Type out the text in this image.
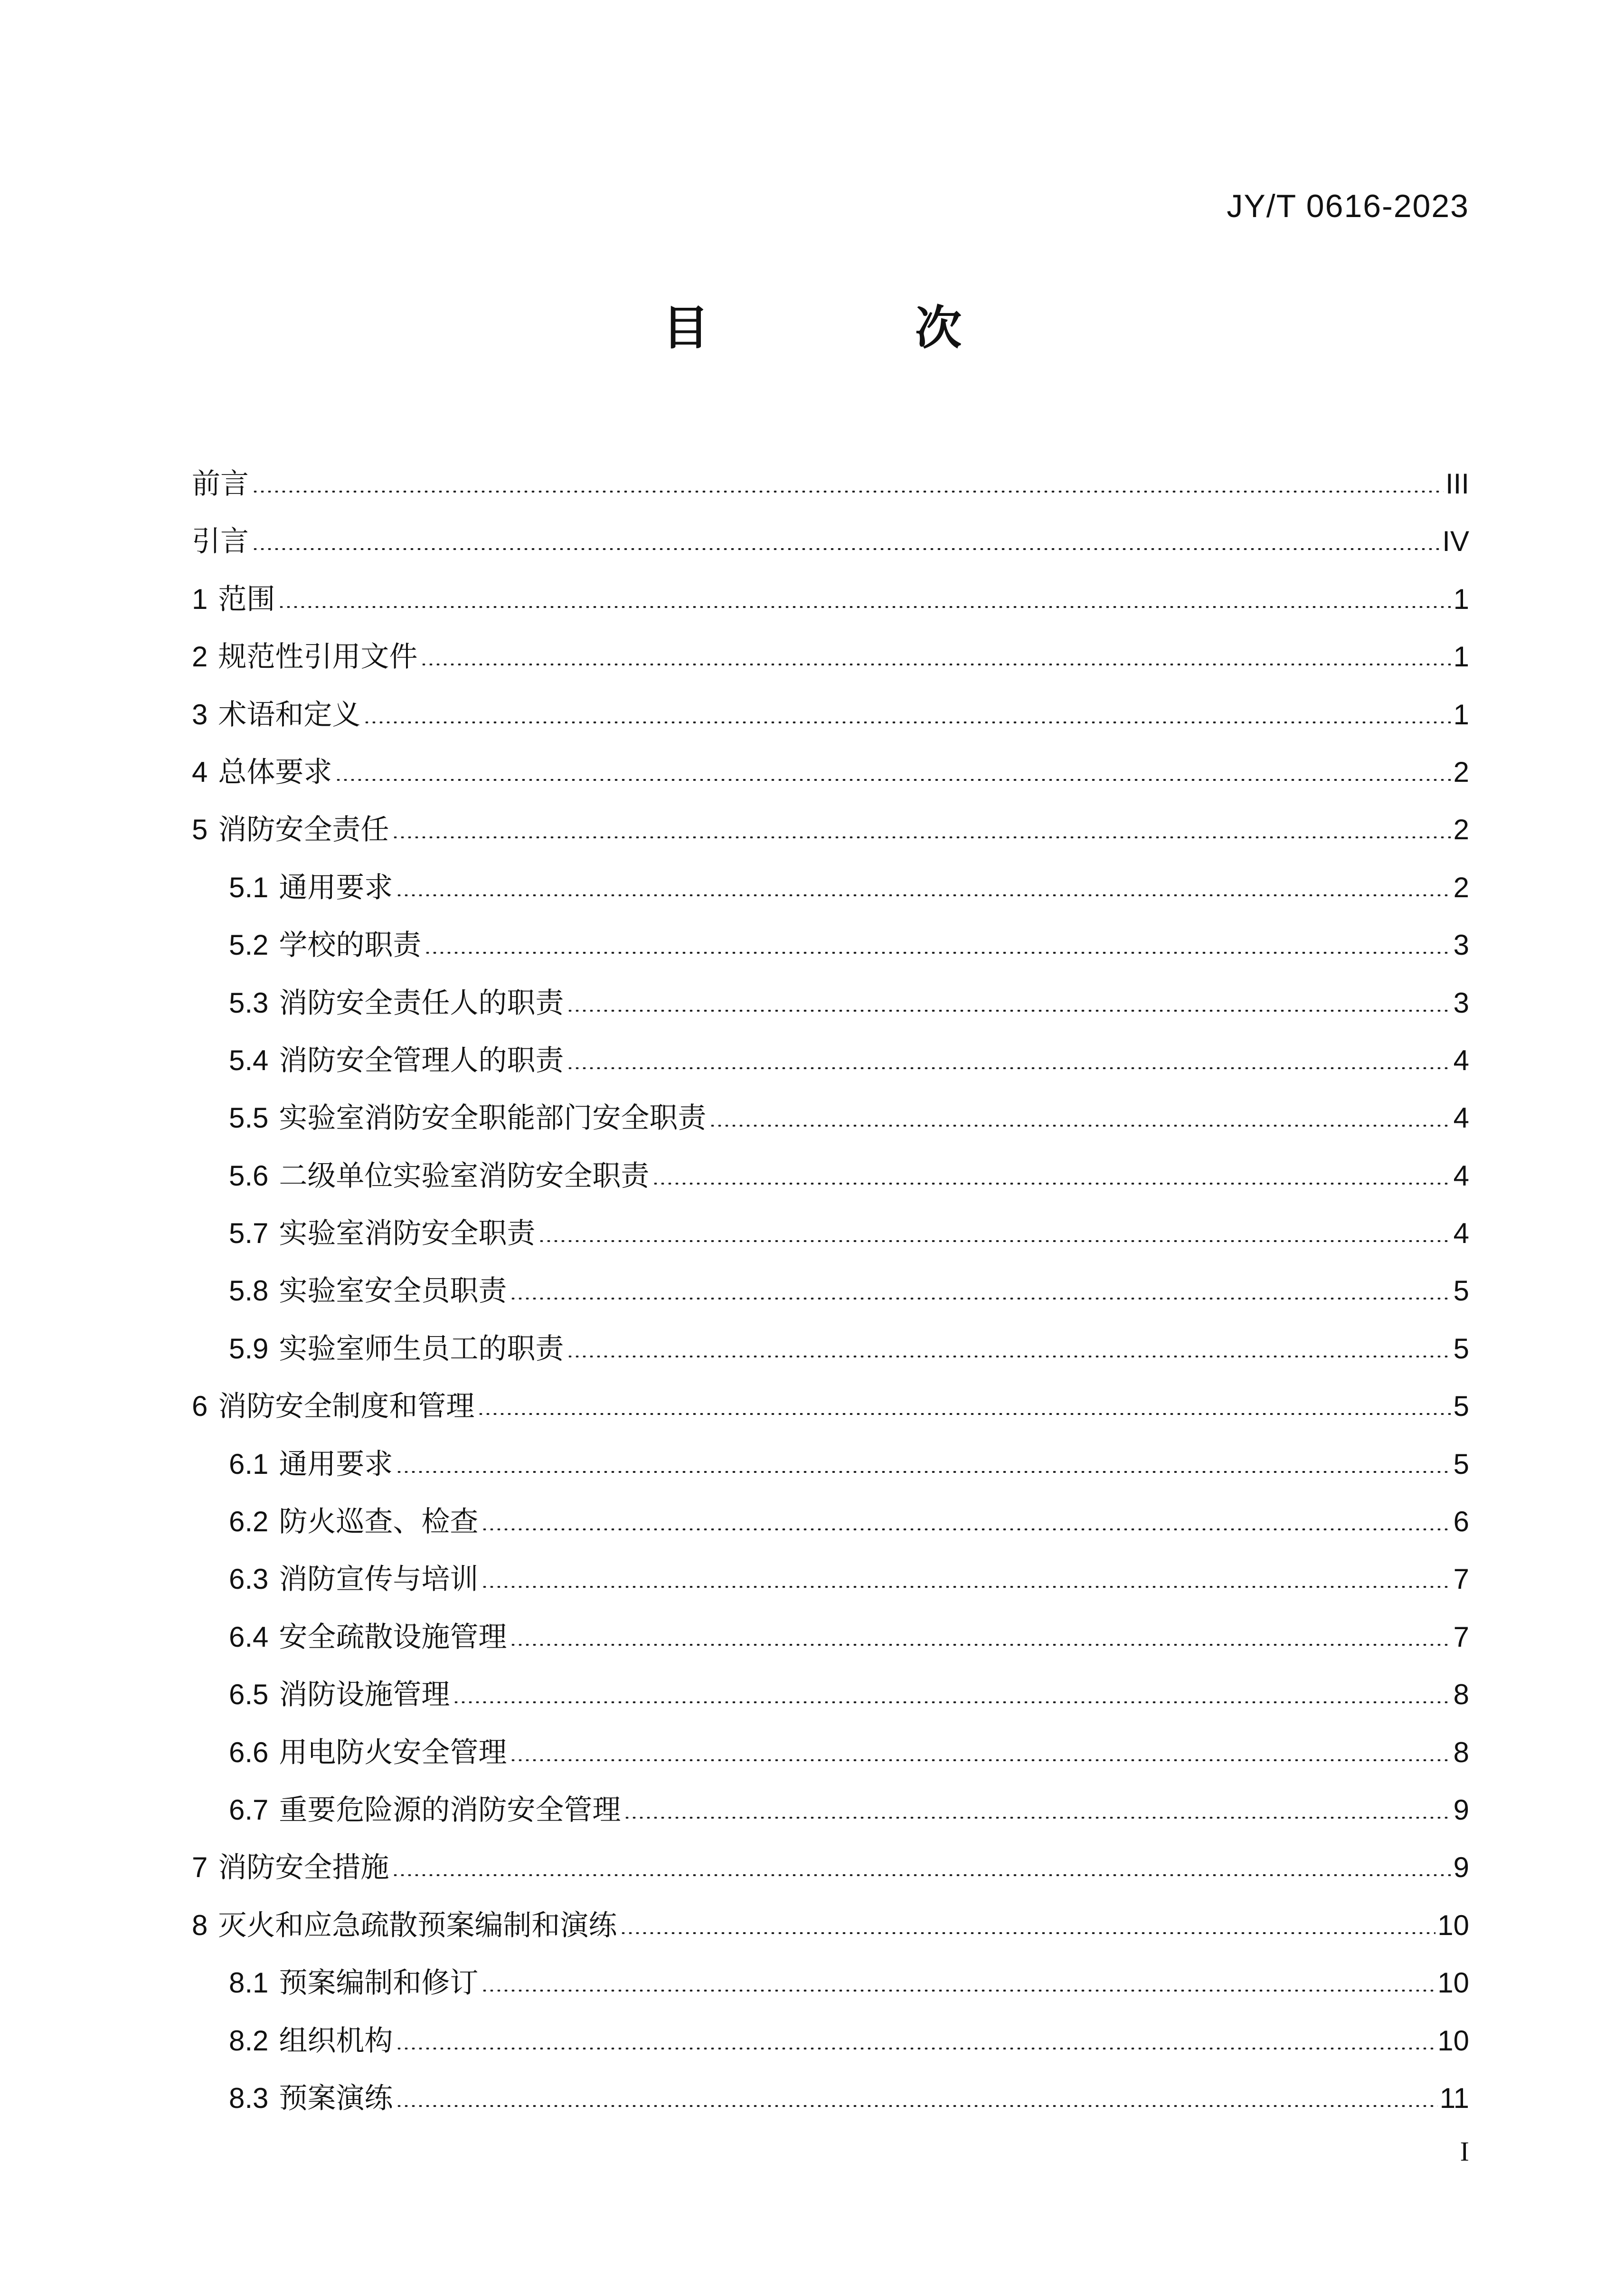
JY/T 0616-2023
目 次
前言	III
引言	IV
1 范围	1
2 规范性引用文件	1
3 术语和定义	1
4 总体要求	2
5 消防安全责任	2
5.1 通用要求	2
5.2 学校的职责	3
5.3 消防安全责任人的职责	3
5.4 消防安全管理人的职责	4
5.5 实验室消防安全职能部门安全职责	4
5.6 二级单位实验室消防安全职责	4
5.7 实验室消防安全职责	4
5.8 实验室安全员职责	5
5.9 实验室师生员工的职责	5
6 消防安全制度和管理	5
6.1 通用要求	5
6.2 防火巡查、检查	6
6.3 消防宣传与培训	7
6.4 安全疏散设施管理	7
6.5 消防设施管理	8
6.6 用电防火安全管理	8
6.7 重要危险源的消防安全管理	9
7 消防安全措施	9
8 灭火和应急疏散预案编制和演练	10
8.1 预案编制和修订	10
8.2 组织机构	10
8.3 预案演练	11
I
